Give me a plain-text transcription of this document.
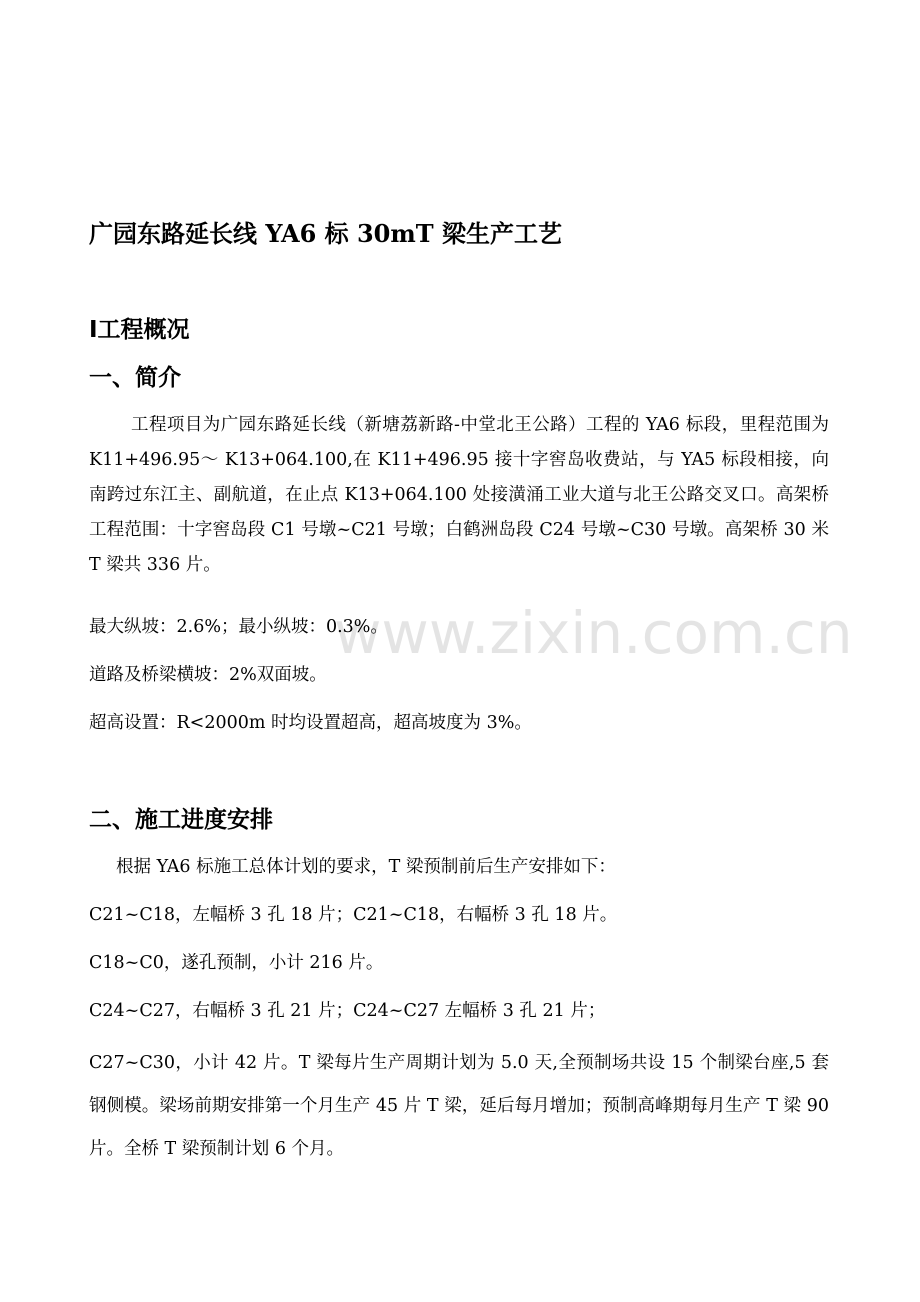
广园东路延长线 YA6 标 30mT 梁生产工艺
Ⅰ工程概况
一、简介

工程项目为广园东路延长线（新塘荔新路-中堂北王公路）工程的 YA6 标段，里程范围为 K11+496.95～ K13+064.100,在 K11+496.95 接十字窖岛收费站，与 YA5 标段相接，向南跨过东江主、副航道，在止点 K13+064.100 处接潢涌工业大道与北王公路交叉口。高架桥工程范围：十字窖岛段 C1 号墩~C21 号墩；白鹤洲岛段 C24 号墩~C30 号墩。高架桥 30 米 T 梁共 336 片。

最大纵坡：2.6%；最小纵坡：0.3%。

道路及桥梁横坡：2%双面坡。

超高设置：R<2000m 时均设置超高，超高坡度为 3%。

二、施工进度安排

根据 YA6 标施工总体计划的要求，T 梁预制前后生产安排如下：

C21~C18，左幅桥 3 孔 18 片；C21~C18，右幅桥 3 孔 18 片。

C18~C0，遂孔预制，小计 216 片。

C24~C27，右幅桥 3 孔 21 片；C24~C27 左幅桥 3 孔 21 片；

C27~C30，小计 42 片。T 梁每片生产周期计划为 5.0 天,全预制场共设 15 个制梁台座,5 套钢侧模。梁场前期安排第一个月生产 45 片 T 梁，延后每月增加；预制高峰期每月生产 T 梁 90 片。全桥 T 梁预制计划 6 个月。

www.zixin.com.cn
